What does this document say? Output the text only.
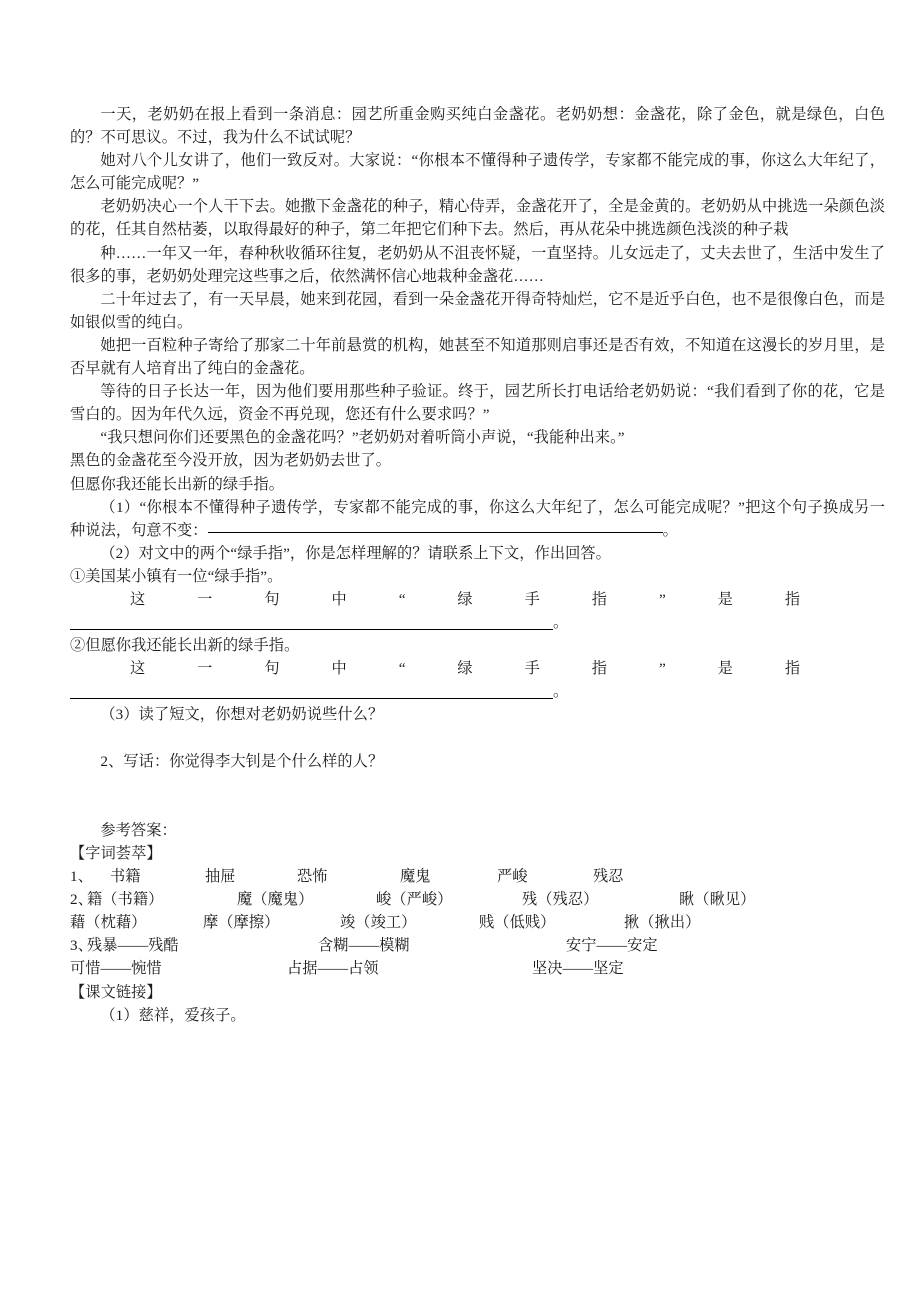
一天，老奶奶在报上看到一条消息：园艺所重金购买纯白金盏花。老奶奶想：金盏花，除了金色，就是绿色，白色的？不可思议。不过，我为什么不试试呢？

她对八个儿女讲了，他们一致反对。大家说：“你根本不懂得种子遗传学，专家都不能完成的事，你这么大年纪了，怎么可能完成呢？”

老奶奶决心一个人干下去。她撒下金盏花的种子，精心侍弄，金盏花开了，全是金黄的。老奶奶从中挑选一朵颜色淡的花，任其自然枯萎，以取得最好的种子，第二年把它们种下去。然后，再从花朵中挑选颜色浅淡的种子栽

种……一年又一年，春种秋收循环往复，老奶奶从不沮丧怀疑，一直坚持。儿女远走了，丈夫去世了，生活中发生了很多的事，老奶奶处理完这些事之后，依然满怀信心地栽种金盏花……

二十年过去了，有一天早晨，她来到花园，看到一朵金盏花开得奇特灿烂，它不是近乎白色，也不是很像白色，而是如银似雪的纯白。

她把一百粒种子寄给了那家二十年前悬赏的机构，她甚至不知道那则启事还是否有效，不知道在这漫长的岁月里，是否早就有人培育出了纯白的金盏花。

等待的日子长达一年，因为他们要用那些种子验证。终于，园艺所长打电话给老奶奶说：“我们看到了你的花，它是雪白的。因为年代久远，资金不再兑现，您还有什么要求吗？”

“我只想问你们还要黑色的金盏花吗？”老奶奶对着听筒小声说，“我能种出来。”

黑色的金盏花至今没开放，因为老奶奶去世了。

但愿你我还能长出新的绿手指。

（1）“你根本不懂得种子遗传学，专家都不能完成的事，你这么大年纪了，怎么可能完成呢？”把这个句子换成另一种说法，句意不变：	。

（2）对文中的两个“绿手指”，你是怎样理解的？请联系上下文，作出回答。

①美国某小镇有一位“绿手指”。

这	一	句	中	“	绿	手	指	”	是	指

。

②但愿你我还能长出新的绿手指。

这	一	句	中	“	绿	手	指	”	是	指

。

（3）读了短文，你想对老奶奶说些什么？

2、写话：你觉得李大钊是个什么样的人？

参考答案：

【字词荟萃】

1、	书籍	抽屉	恐怖	魔鬼	严峻	残忍
2、
籍（书籍）	魔（魔鬼）	峻（严峻）	残（残忍）	瞅（瞅见）
藉（枕藉）	摩（摩擦）	竣（竣工）	贱（低贱）	揪（揪出）
3、
残暴——残酷	含糊——模糊	安宁——安定
可惜——惋惜	占据——占领	坚决——坚定

【课文链接】

（1）慈祥，爱孩子。
